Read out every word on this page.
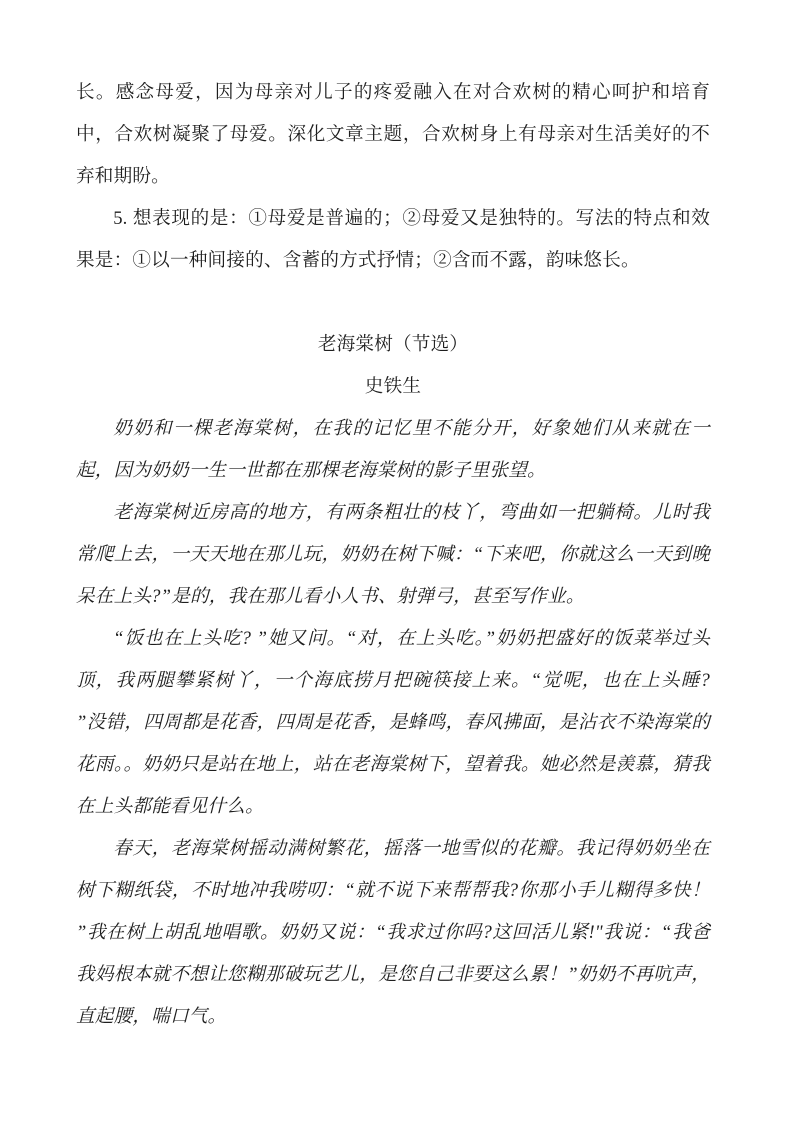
长。感念母爱，因为母亲对儿子的疼爱融入在对合欢树的精心呵护和培育中，合欢树凝聚了母爱。深化文章主题，合欢树身上有母亲对生活美好的不弃和期盼。

5. 想表现的是：①母爱是普遍的；②母爱又是独特的。写法的特点和效果是：①以一种间接的、含蓄的方式抒情；②含而不露，韵味悠长。

老海棠树（节选）

史铁生

奶奶和一棵老海棠树，在我的记忆里不能分开，好象她们从来就在一起，因为奶奶一生一世都在那棵老海棠树的影子里张望。

老海棠树近房高的地方，有两条粗壮的枝丫，弯曲如一把躺椅。儿时我常爬上去，一天天地在那儿玩，奶奶在树下喊：“下来吧，你就这么一天到晚呆在上头?”是的，我在那儿看小人书、射弹弓，甚至写作业。

“饭也在上头吃? ”她又问。“对，在上头吃。”奶奶把盛好的饭菜举过头顶，我两腿攀紧树丫，一个海底捞月把碗筷接上来。“觉呢，也在上头睡? ”没错，四周都是花香，四周是花香，是蜂鸣，春风拂面，是沾衣不染海棠的花雨。。奶奶只是站在地上，站在老海棠树下，望着我。她必然是羡慕，猜我在上头都能看见什么。

春天，老海棠树摇动满树繁花，摇落一地雪似的花瓣。我记得奶奶坐在树下糊纸袋，不时地冲我唠叨：“就不说下来帮帮我?你那小手儿糊得多快！ ”我在树上胡乱地唱歌。奶奶又说：“我求过你吗?这回活儿紧!"我说：“我爸我妈根本就不想让您糊那破玩艺儿，是您自己非要这么累！”奶奶不再吭声，直起腰，喘口气。
